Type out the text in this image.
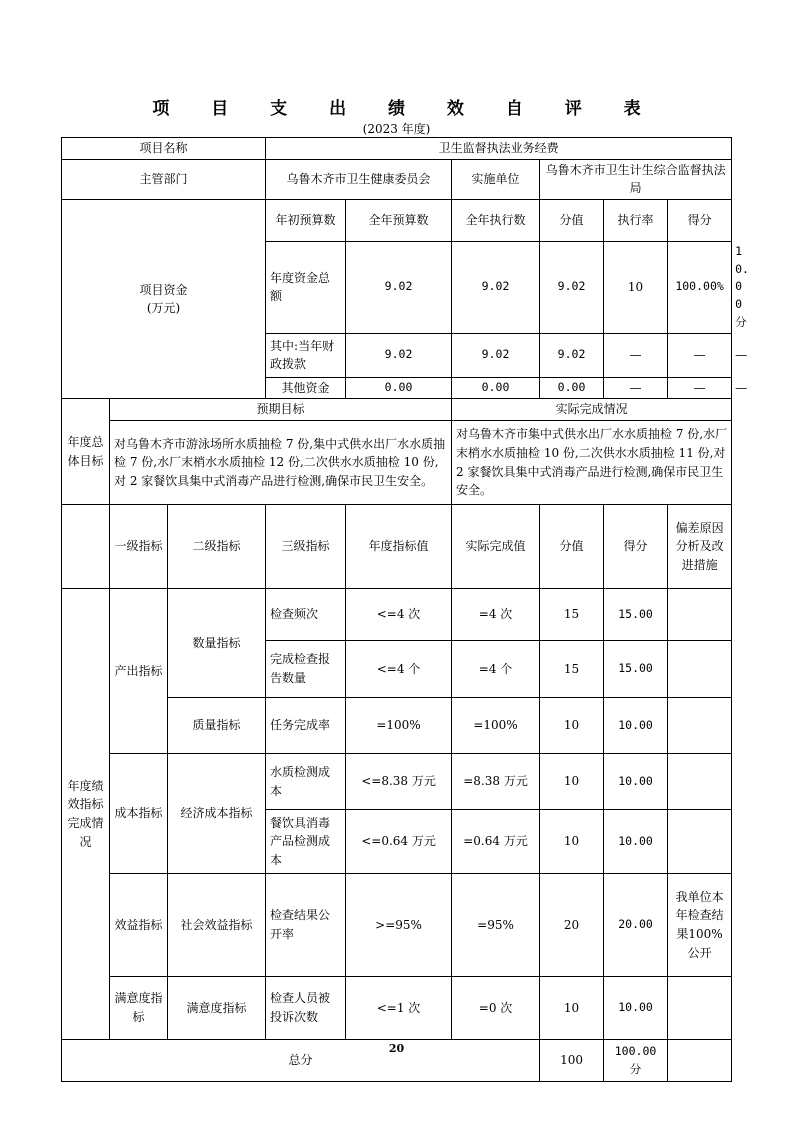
项 目 支 出 绩 效 自 评 表
(2023 年度)
项目名称			卫生监督执法业务经费						
主管部门			乌鲁木齐市卫生健康委员会		实施单位	乌鲁木齐市卫生计生综合监督执法局			

项目资金
(万元)			年初预算数	全年预算数	全年执行数	分值	执行率	得分	
			年度资金总额	9.02	9.02	9.02	10	100.00%	10.00 分
			其中:当年财政拨款	9.02	9.02	9.02	—	—	—
			其他资金	0.00	0.00	0.00	—	—	—
年度总体目标	预期目标				实际完成情况				
	对乌鲁木齐市游泳场所水质抽检 7 份,集中式供水出厂水水质抽检 7 份,水厂末梢水水质抽检 12 份,二次供水水质抽检 10 份,对 2 家餐饮具集中式消毒产品进行检测,确保市民卫生安全。				对乌鲁木齐市集中式供水出厂水水质抽检 7 份,水厂末梢水水质抽检 10 份,二次供水水质抽检 11 份,对 2 家餐饮具集中式消毒产品进行检测,确保市民卫生安全。				
	一级指标	二级指标	三级指标	年度指标值	实际完成值	分值	得分	偏差原因分析及改进措施	
年度绩效指标完成情况	产出指标	数量指标	检查频次	<=4 次	=4 次	15	15.00		
			完成检查报告数量	<=4 个	=4 个	15	15.00		
		质量指标	任务完成率	=100%	=100%	10	10.00		
	成本指标	经济成本指标	水质检测成本	<=8.38 万元	=8.38 万元	10	10.00		
			餐饮具消毒产品检测成本	<=0.64 万元	=0.64 万元	10	10.00		
	效益指标	社会效益指标	检查结果公开率	>=95%	=95%	20	20.00	我单位本年检查结果100%公开	
	满意度指标	满意度指标	检查人员被投诉次数	<=1 次	=0 次	10	10.00		
总分						100	100.00 分		
20
